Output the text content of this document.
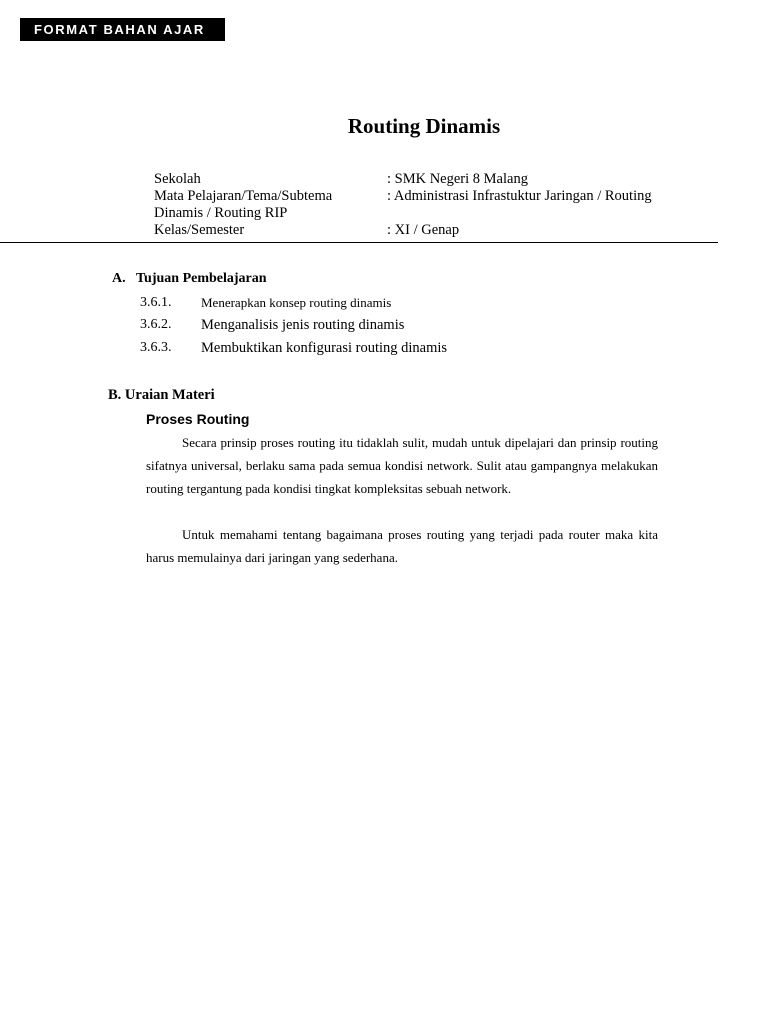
FORMAT BAHAN AJAR
Routing Dinamis
Sekolah	: SMK Negeri 8 Malang
Mata Pelajaran/Tema/Subtema	: Administrasi Infrastuktur Jaringan / Routing
Dinamis / Routing RIP
Kelas/Semester	: XI / Genap
A. Tujuan Pembelajaran
3.6.1.	Menerapkan konsep routing dinamis
3.6.2.	Menganalisis jenis routing dinamis
3.6.3.	Membuktikan konfigurasi routing dinamis
B. Uraian Materi
Proses Routing

Secara prinsip proses routing itu tidaklah sulit, mudah untuk dipelajari dan prinsip routing sifatnya universal, berlaku sama pada semua kondisi network. Sulit atau gampangnya melakukan routing tergantung pada kondisi tingkat kompleksitas sebuah network.

Untuk memahami tentang bagaimana proses routing yang terjadi pada router maka kita harus memulainya dari jaringan yang sederhana.
